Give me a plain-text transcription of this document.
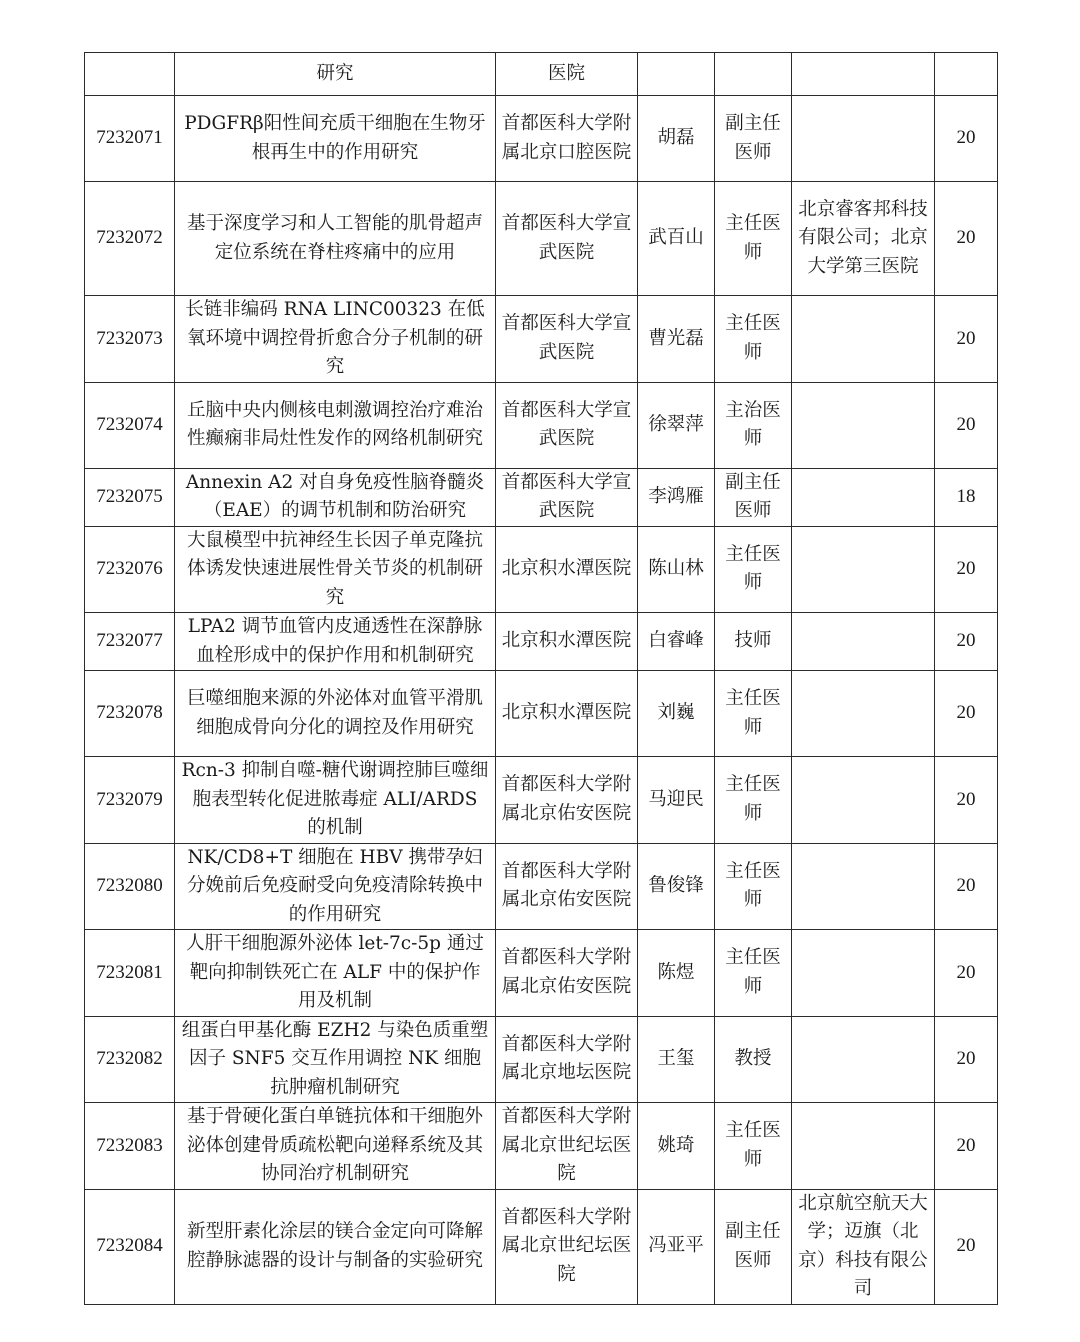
	研究	医院				
7232071	PDGFRβ阳性间充质干细胞在生物牙根再生中的作用研究	首都医科大学附属北京口腔医院	胡磊	副主任医师		20
7232072	基于深度学习和人工智能的肌骨超声定位系统在脊柱疼痛中的应用	首都医科大学宣武医院	武百山	主任医师	北京睿客邦科技有限公司；北京大学第三医院	20
7232073	长链非编码 RNA LINC00323 在低氧环境中调控骨折愈合分子机制的研究	首都医科大学宣武医院	曹光磊	主任医师		20
7232074	丘脑中央内侧核电刺激调控治疗难治性癫痫非局灶性发作的网络机制研究	首都医科大学宣武医院	徐翠萍	主治医师		20
7232075	Annexin A2 对自身免疫性脑脊髓炎（EAE）的调节机制和防治研究	首都医科大学宣武医院	李鸿雁	副主任医师		18
7232076	大鼠模型中抗神经生长因子单克隆抗体诱发快速进展性骨关节炎的机制研究	北京积水潭医院	陈山林	主任医师		20
7232077	LPA2 调节血管内皮通透性在深静脉血栓形成中的保护作用和机制研究	北京积水潭医院	白睿峰	技师		20
7232078	巨噬细胞来源的外泌体对血管平滑肌细胞成骨向分化的调控及作用研究	北京积水潭医院	刘巍	主任医师		20
7232079	Rcn-3 抑制自噬-糖代谢调控肺巨噬细胞表型转化促进脓毒症 ALI/ARDS 的机制	首都医科大学附属北京佑安医院	马迎民	主任医师		20
7232080	NK/CD8+T 细胞在 HBV 携带孕妇分娩前后免疫耐受向免疫清除转换中的作用研究	首都医科大学附属北京佑安医院	鲁俊锋	主任医师		20
7232081	人肝干细胞源外泌体 let-7c-5p 通过靶向抑制铁死亡在 ALF 中的保护作用及机制	首都医科大学附属北京佑安医院	陈煜	主任医师		20
7232082	组蛋白甲基化酶 EZH2 与染色质重塑因子 SNF5 交互作用调控 NK 细胞抗肿瘤机制研究	首都医科大学附属北京地坛医院	王玺	教授		20
7232083	基于骨硬化蛋白单链抗体和干细胞外泌体创建骨质疏松靶向递释系统及其协同治疗机制研究	首都医科大学附属北京世纪坛医院	姚琦	主任医师		20
7232084	新型肝素化涂层的镁合金定向可降解腔静脉滤器的设计与制备的实验研究	首都医科大学附属北京世纪坛医院	冯亚平	副主任医师	北京航空航天大学；迈旗（北京）科技有限公司	20
